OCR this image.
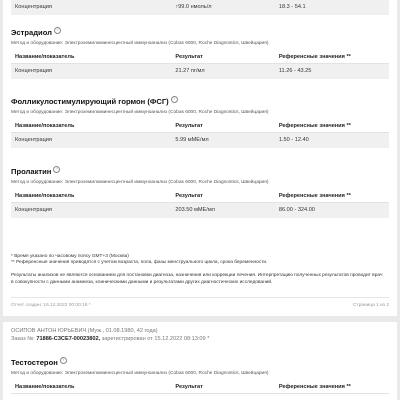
Концентрация	↑99.0 нмоль/л	18.3 - 54.1
Эстрадиол	?
Метод и оборудование: Электрохемилюминесцентный иммуноанализ (Cobas 6000, Roche Diagnostics, Швейцария)
Название/показатель	Результат	Референсные значения **
Концентрация	21.27 пг/мл	11.26 - 43.25
Фолликулостимулирующий гормон (ФСГ)	?
Метод и оборудование: Электрохемилюминесцентный иммуноанализ (Cobas 6000, Roche Diagnostics, Швейцария)
Название/показатель	Результат	Референсные значения **
Концентрация	5.99 мМЕ/мл	1.50 - 12.40
Пролактин	?
Метод и оборудование: Электрохемилюминесцентный иммуноанализ (Cobas 6000, Roche Diagnostics, Швейцария)
Название/показатель	Результат	Референсные значения **
Концентрация	203.50 мМЕ/мл	86.00 - 324.00
* Время указано по часовому поясу GMT+3 (Москва)
** Референсные значения приводятся с учетом возраста, пола, фазы менструального цикла, срока беременности.
Результаты анализов не являются основанием для постановки диагноза, назначения или коррекции лечения. Интерпретацию полученных результатов проводит врач
в совокупности с данными анамнеза, клиническими данными и результатами других диагностических исследований.
Отчет создан: 16.12.2022 00:00:16 *	Страница 1 из 2
ОСИПОВ АНТОН ЮРЬЕВИЧ (Муж., 01.08.1980, 42 года)
Заказ №: 71886-С3СЕ7-00023802, зарегистрирован от 15.12.2022 08:13:09 *
Тестостерон	?
Метод и оборудование: Электрохемилюминесцентный иммуноанализ (Cobas 6000, Roche Diagnostics, Швейцария)
Название/показатель	Результат	Референсные значения **
